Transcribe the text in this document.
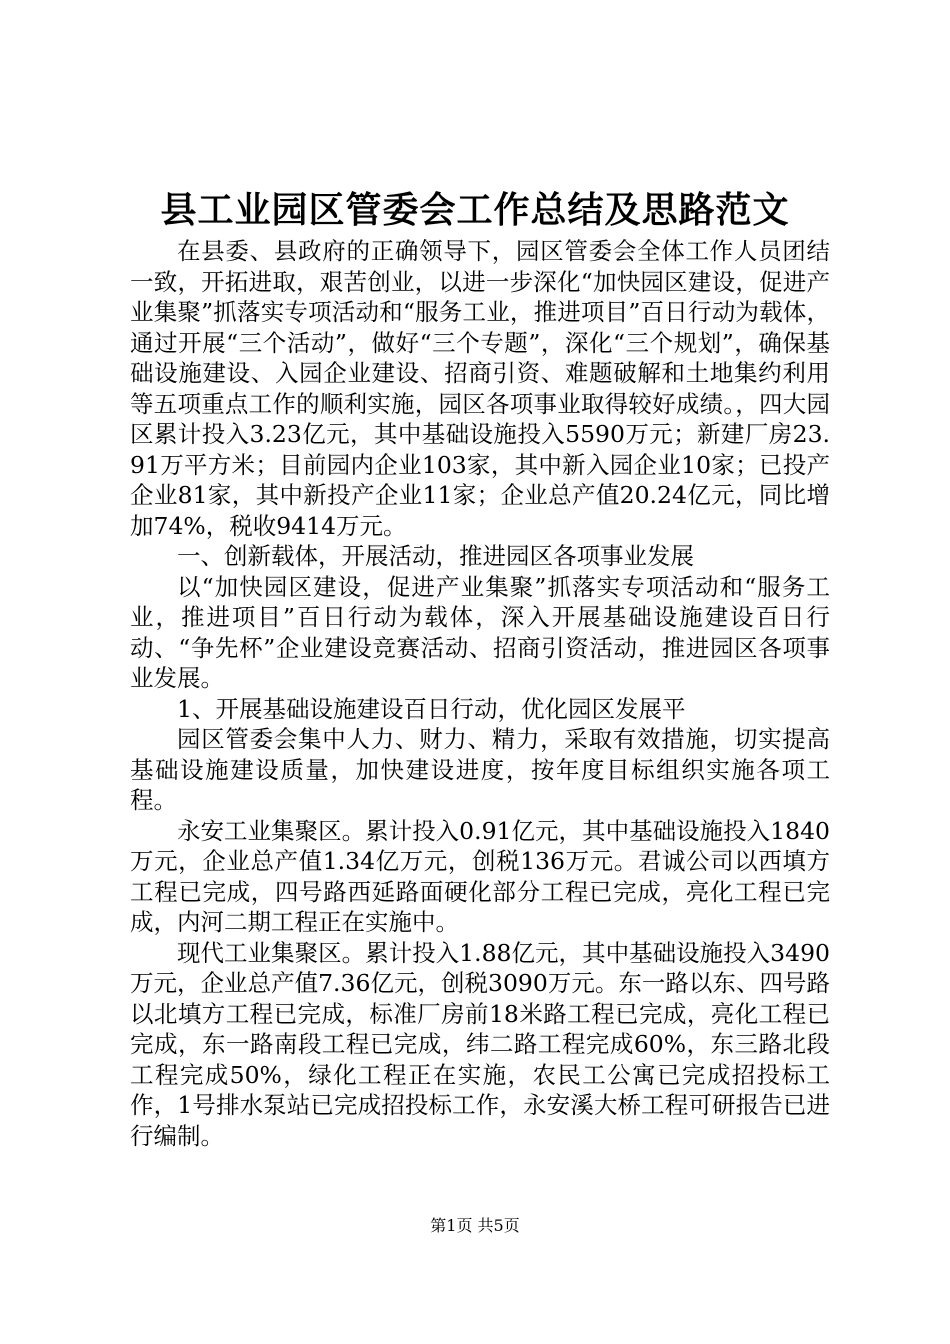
县工业园区管委会工作总结及思路范文

在县委、县政府的正确领导下，园区管委会全体工作人员团结一致，开拓进取，艰苦创业，以进一步深化“加快园区建设，促进产业集聚”抓落实专项活动和“服务工业，推进项目”百日行动为载体，通过开展“三个活动”，做好“三个专题”，深化“三个规划”，确保基础设施建设、入园企业建设、招商引资、难题破解和土地集约利用等五项重点工作的顺利实施，园区各项事业取得较好成绩。，四大园区累计投入3.23亿元，其中基础设施投入5590万元；新建厂房23.91万平方米；目前园内企业103家，其中新入园企业10家；已投产企业81家，其中新投产企业11家；企业总产值20.24亿元，同比增加74%，税收9414万元。

一、创新载体，开展活动，推进园区各项事业发展

以“加快园区建设，促进产业集聚”抓落实专项活动和“服务工业，推进项目”百日行动为载体，深入开展基础设施建设百日行动、“争先杯”企业建设竞赛活动、招商引资活动，推进园区各项事业发展。

1、开展基础设施建设百日行动，优化园区发展平

园区管委会集中人力、财力、精力，采取有效措施，切实提高基础设施建设质量，加快建设进度，按年度目标组织实施各项工程。

永安工业集聚区。累计投入0.91亿元，其中基础设施投入1840万元，企业总产值1.34亿万元，创税136万元。君诚公司以西填方工程已完成，四号路西延路面硬化部分工程已完成，亮化工程已完成，内河二期工程正在实施中。

现代工业集聚区。累计投入1.88亿元，其中基础设施投入3490万元，企业总产值7.36亿元，创税3090万元。东一路以东、四号路以北填方工程已完成，标准厂房前18米路工程已完成，亮化工程已完成，东一路南段工程已完成，纬二路工程完成60%，东三路北段工程完成50%，绿化工程正在实施，农民工公寓已完成招投标工作，1号排水泵站已完成招投标工作，永安溪大桥工程可研报告已进行编制。

第1页 共5页
